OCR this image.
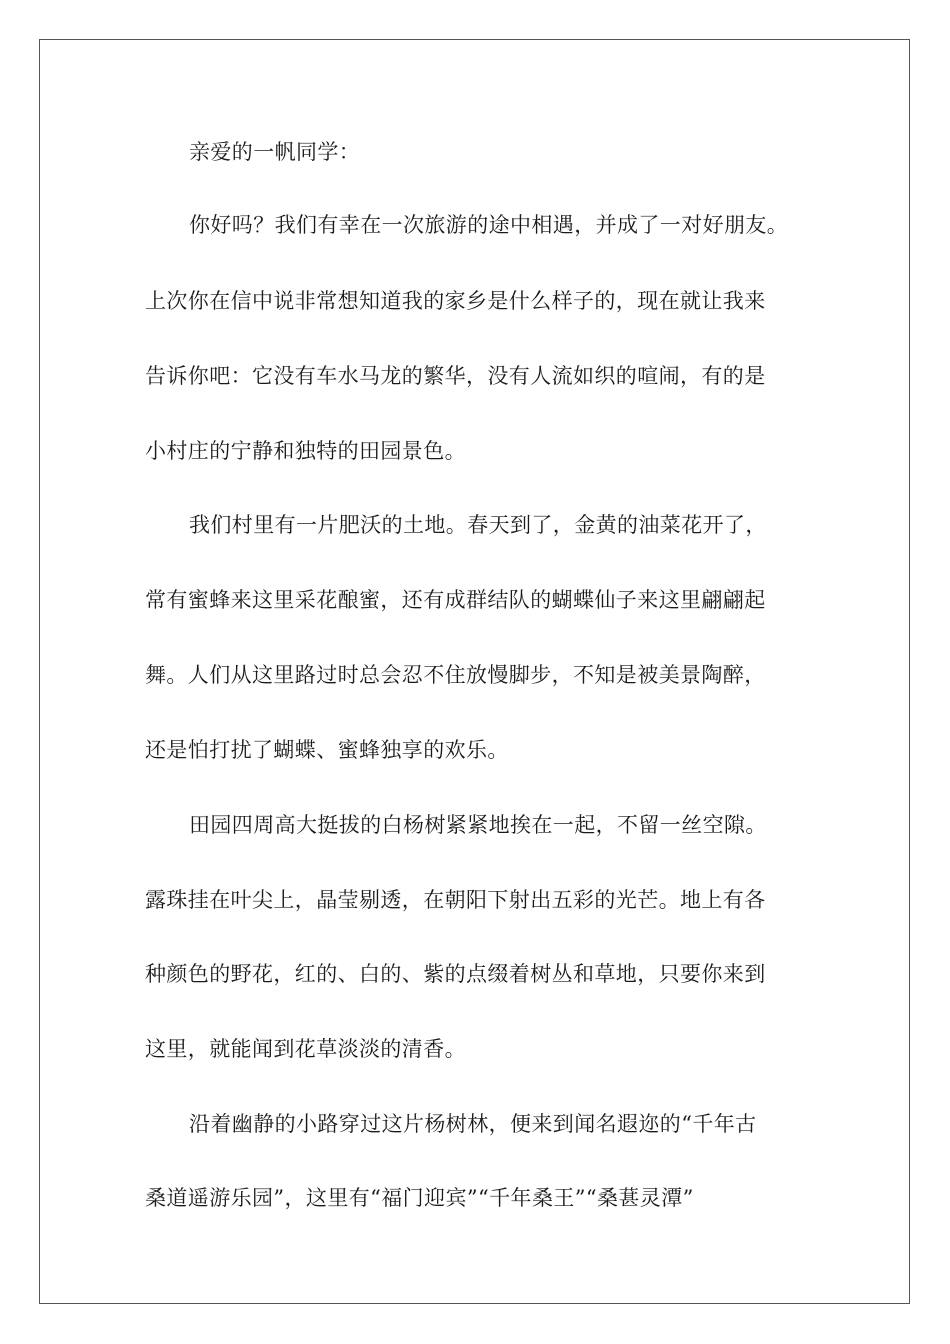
亲爱的一帆同学：
你好吗？我们有幸在一次旅游的途中相遇，并成了一对好朋友。
上次你在信中说非常想知道我的家乡是什么样子的，现在就让我来
告诉你吧：它没有车水马龙的繁华，没有人流如织的喧闹，有的是
小村庄的宁静和独特的田园景色。
我们村里有一片肥沃的土地。春天到了，金黄的油菜花开了，
常有蜜蜂来这里采花酿蜜，还有成群结队的蝴蝶仙子来这里翩翩起
舞。人们从这里路过时总会忍不住放慢脚步，不知是被美景陶醉，
还是怕打扰了蝴蝶、蜜蜂独享的欢乐。
田园四周高大挺拔的白杨树紧紧地挨在一起，不留一丝空隙。
露珠挂在叶尖上，晶莹剔透，在朝阳下射出五彩的光芒。地上有各
种颜色的野花，红的、白的、紫的点缀着树丛和草地，只要你来到
这里，就能闻到花草淡淡的清香。
沿着幽静的小路穿过这片杨树林，便来到闻名遐迩的“千年古
桑道遥游乐园”，这里有“福门迎宾”“千年桑王”“桑葚灵潭”
